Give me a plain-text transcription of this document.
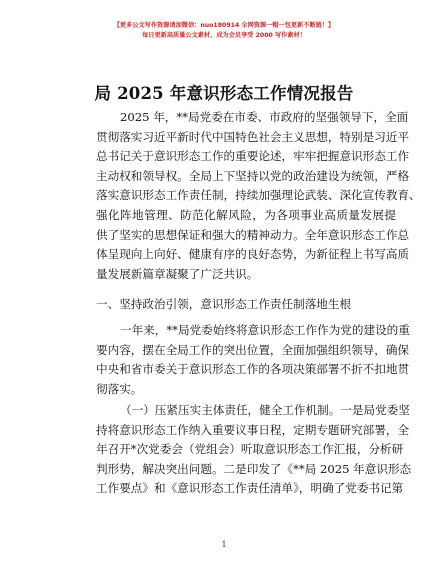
【更多公文写作资源请加微信：nuo180914 全网资源一帽一包更新不断链！】
每日更新高质量公文素材，成为会员享受 2000 写作素材！
局 2025 年意识形态工作情况报告
2025 年，**局党委在市委、市政府的坚强领导下，全面
贯彻落实习近平新时代中国特色社会主义思想，特别是习近平
总书记关于意识形态工作的重要论述，牢牢把握意识形态工作
主动权和领导权。全局上下坚持以党的政治建设为统领，严格
落实意识形态工作责任制，持续加强理论武装、深化宣传教育、
强化阵地管理、防范化解风险，为各项事业高质量发展提
供了坚实的思想保证和强大的精神动力。全年意识形态工作总
体呈现向上向好、健康有序的良好态势，为新征程上书写高质
量发展新篇章凝聚了广泛共识。
一、坚持政治引领，意识形态工作责任制落地生根
一年来，**局党委始终将意识形态工作作为党的建设的重
要内容，摆在全局工作的突出位置，全面加强组织领导，确保
中央和省市委关于意识形态工作的各项决策部署不折不扣地贯
彻落实。
（一）压紧压实主体责任，健全工作机制。一是局党委坚
持将意识形态工作纳入重要议事日程，定期专题研究部署，全
年召开*次党委会（党组会）听取意识形态工作汇报，分析研
判形势，解决突出问题。二是印发了《**局 2025 年意识形态
工作要点》和《意识形态工作责任清单》，明确了党委书记第
1
